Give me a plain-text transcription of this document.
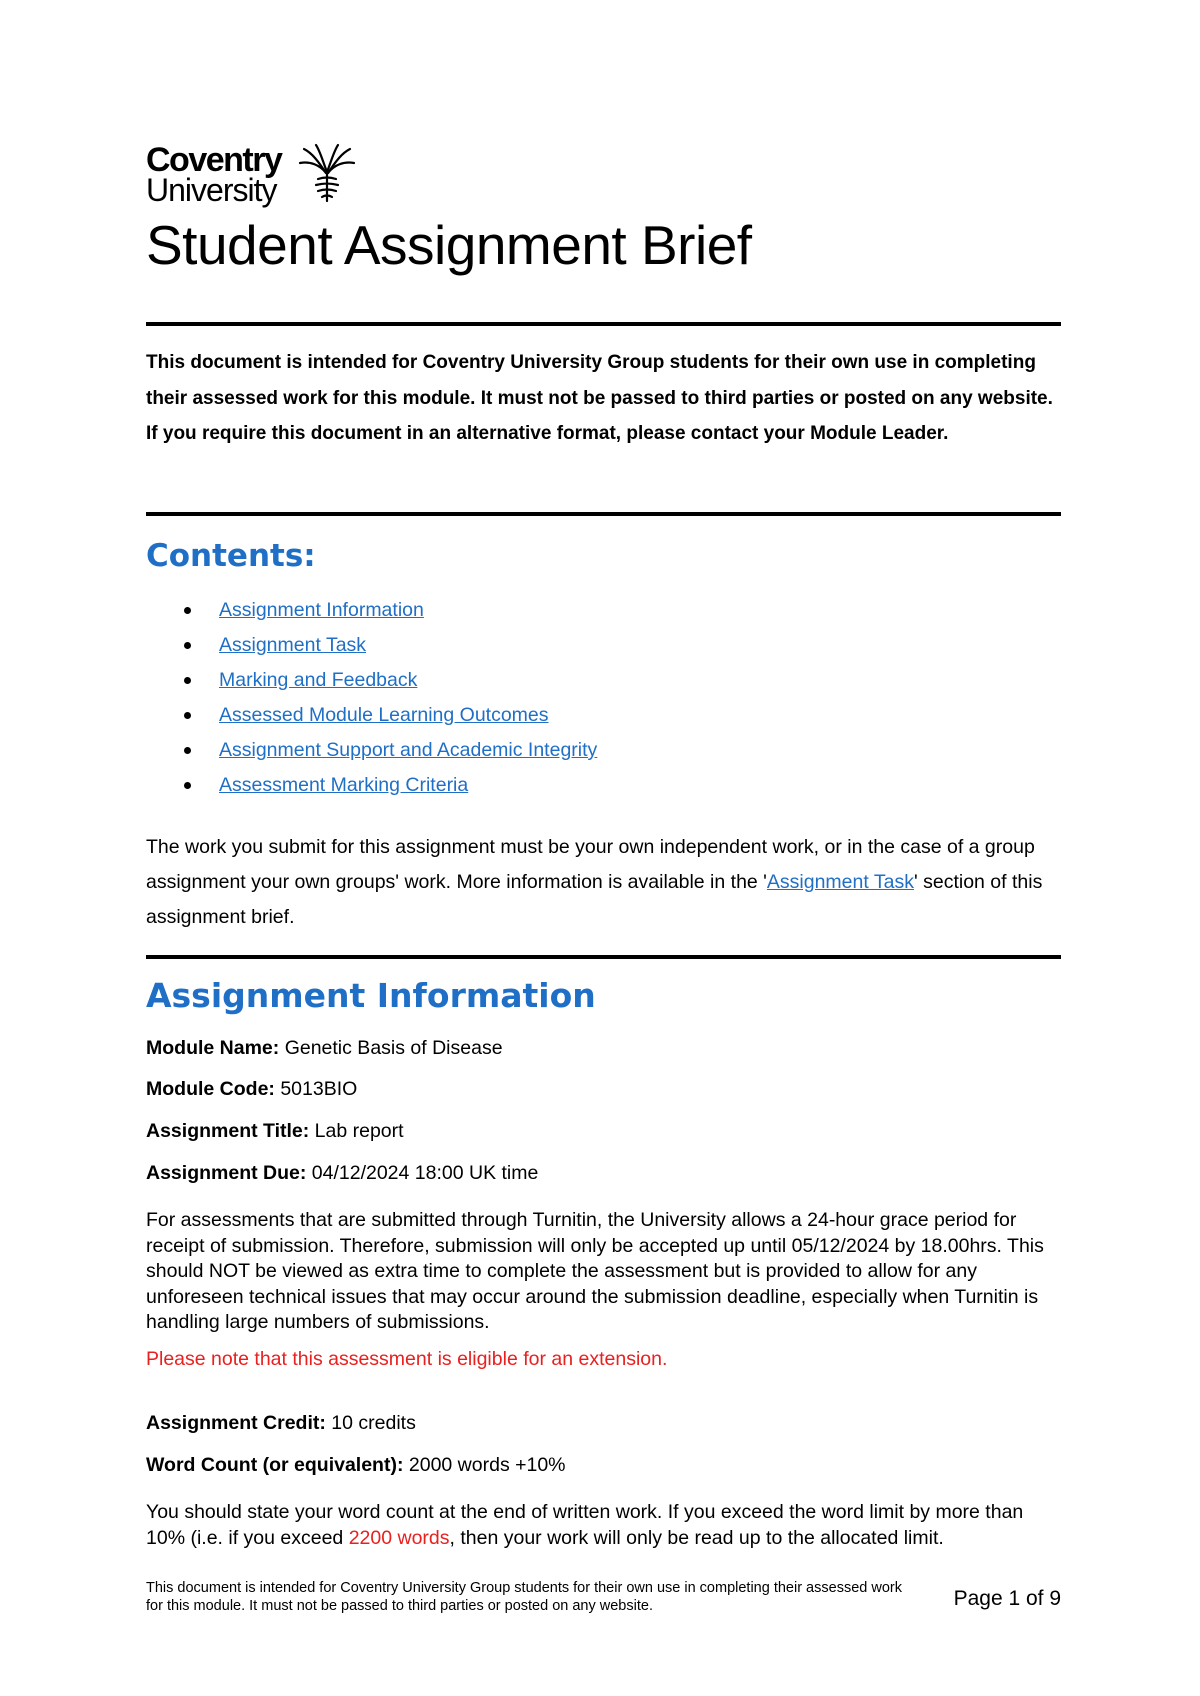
Coventry
University
Student Assignment Brief
This document is intended for Coventry University Group students for their own use in completing their assessed work for this module. It must not be passed to third parties or posted on any website. If you require this document in an alternative format, please contact your Module Leader.
Contents:
Assignment Information
Assignment Task
Marking and Feedback
Assessed Module Learning Outcomes
Assignment Support and Academic Integrity
Assessment Marking Criteria
The work you submit for this assignment must be your own independent work, or in the case of a group assignment your own groups' work. More information is available in the 'Assignment Task' section of this assignment brief.
Assignment Information
Module Name: Genetic Basis of Disease
Module Code: 5013BIO
Assignment Title: Lab report
Assignment Due: 04/12/2024 18:00 UK time
For assessments that are submitted through Turnitin, the University allows a 24-hour grace period for receipt of submission. Therefore, submission will only be accepted up until 05/12/2024 by 18.00hrs. This should NOT be viewed as extra time to complete the assessment but is provided to allow for any unforeseen technical issues that may occur around the submission deadline, especially when Turnitin is handling large numbers of submissions.
Please note that this assessment is eligible for an extension.
Assignment Credit: 10 credits
Word Count (or equivalent): 2000 words +10%
You should state your word count at the end of written work. If you exceed the word limit by more than 10% (i.e. if you exceed 2200 words, then your work will only be read up to the allocated limit.
This document is intended for Coventry University Group students for their own use in completing their assessed work for this module. It must not be passed to third parties or posted on any website.	Page 1 of 9
